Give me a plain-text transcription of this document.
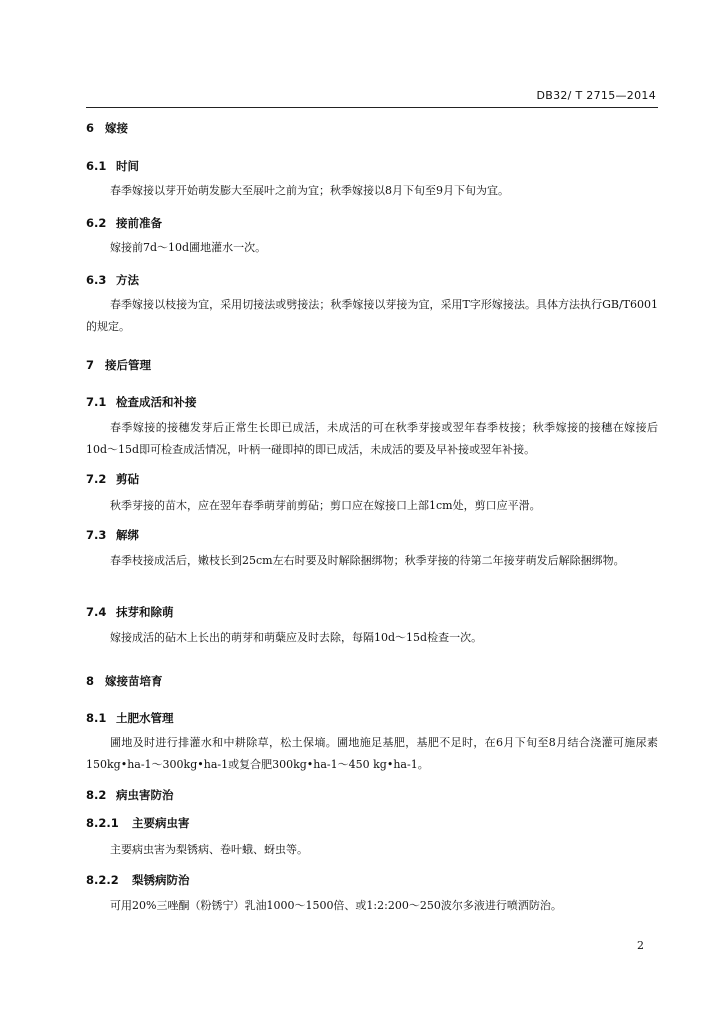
DB32/ T 2715—2014
6 嫁接
6.1 时间
春季嫁接以芽开始萌发膨大至展叶之前为宜；秋季嫁接以8月下旬至9月下旬为宜。
6.2 接前准备
嫁接前7d～10d圃地灌水一次。
6.3 方法
春季嫁接以枝接为宜，采用切接法或劈接法；秋季嫁接以芽接为宜，采用T字形嫁接法。具体方法执行GB/T6001的规定。
7 接后管理
7.1 检查成活和补接
春季嫁接的接穗发芽后正常生长即已成活，未成活的可在秋季芽接或翌年春季枝接；秋季嫁接的接穗在嫁接后10d～15d即可检查成活情况，叶柄一碰即掉的即已成活，未成活的要及早补接或翌年补接。
7.2 剪砧
秋季芽接的苗木，应在翌年春季萌芽前剪砧；剪口应在嫁接口上部1cm处，剪口应平滑。
7.3 解绑
春季枝接成活后，嫩枝长到25cm左右时要及时解除捆绑物；秋季芽接的待第二年接芽萌发后解除捆绑物。
7.4 抹芽和除萌
嫁接成活的砧木上长出的萌芽和萌蘖应及时去除，每隔10d～15d检查一次。
8 嫁接苗培育
8.1 土肥水管理
圃地及时进行排灌水和中耕除草，松土保墒。圃地施足基肥，基肥不足时，在6月下旬至8月结合浇灌可施尿素150kg•ha-1～300kg•ha-1或复合肥300kg•ha-1～450 kg•ha-1。
8.2 病虫害防治
8.2.1 主要病虫害
主要病虫害为梨锈病、卷叶蛾、蚜虫等。
8.2.2 梨锈病防治
可用20%三唑酮（粉锈宁）乳油1000～1500倍、或1:2:200～250波尔多液进行喷洒防治。
2
